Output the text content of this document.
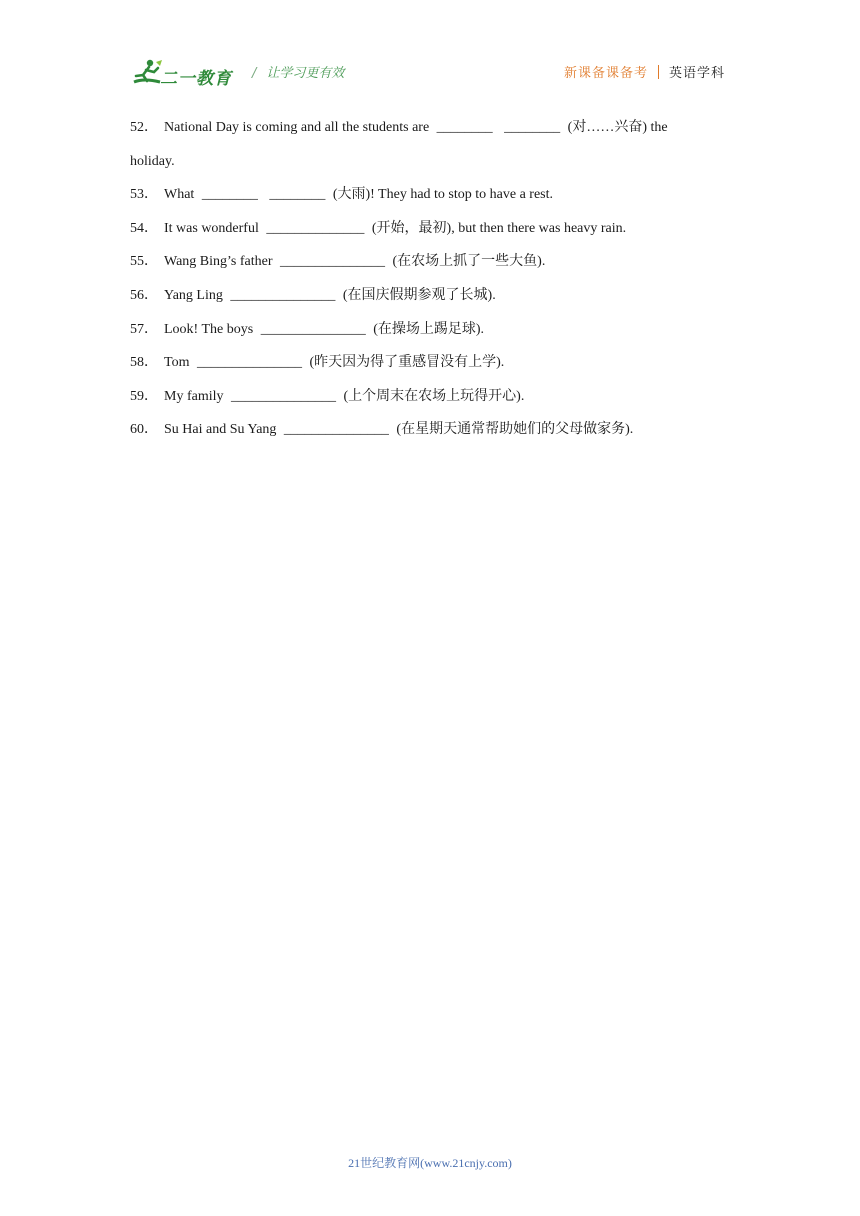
二一教育 / 让学习更有效	新课备课备考 英语学科

52． National Day is coming and all the students are ________ ________ (对……兴奋) the

holiday.

53． What ________ ________ (大雨)! They had to stop to have a rest.

54． It was wonderful ______________ (开始，最初), but then there was heavy rain.

55． Wang Bing’s father _______________ (在农场上抓了一些大鱼).

56． Yang Ling _______________ (在国庆假期参观了长城).

57． Look! The boys _______________ (在操场上踢足球).

58． Tom _______________ (昨天因为得了重感冒没有上学).

59． My family _______________ (上个周末在农场上玩得开心).

60． Su Hai and Su Yang _______________ (在星期天通常帮助她们的父母做家务).

21世纪教育网(www.21cnjy.com)
